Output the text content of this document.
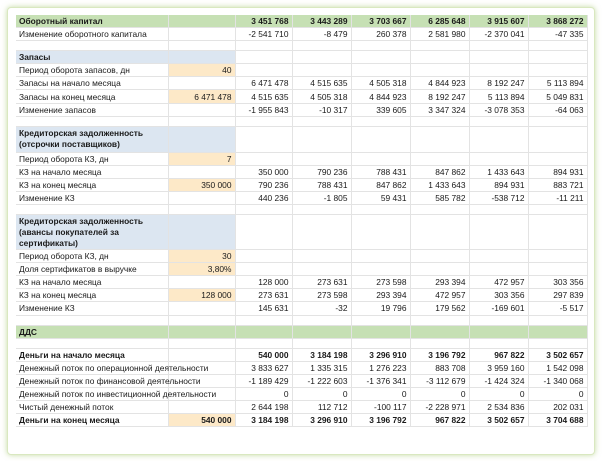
Оборотный капитал		3 451 768	3 443 289	3 703 667	6 285 648	3 915 607	3 868 272
Изменение оборотного капитала		-2 541 710	-8 479	260 378	2 581 980	-2 370 041	-47 335

Запасы							
Период оборота запасов, дн	40						
Запасы на начало месяца		6 471 478	4 515 635	4 505 318	4 844 923	8 192 247	5 113 894
Запасы на конец месяца	6 471 478	4 515 635	4 505 318	4 844 923	8 192 247	5 113 894	5 049 831
Изменение запасов		-1 955 843	-10 317	339 605	3 347 324	-3 078 353	-64 063

Кредиторская задолженность (отсрочки поставщиков)							
Период оборота КЗ, дн	7						
КЗ на начало месяца		350 000	790 236	788 431	847 862	1 433 643	894 931
КЗ на конец месяца	350 000	790 236	788 431	847 862	1 433 643	894 931	883 721
Изменение КЗ		440 236	-1 805	59 431	585 782	-538 712	-11 211

Кредиторская задолженность (авансы покупателей за сертификаты)							
Период оборота КЗ, дн	30						
Доля сертификатов в выручке	3,80%						
КЗ на начало месяца		128 000	273 631	273 598	293 394	472 957	303 356
КЗ на конец месяца	128 000	273 631	273 598	293 394	472 957	303 356	297 839
Изменение КЗ		145 631	-32	19 796	179 562	-169 601	-5 517

ДДС							

Деньги на начало месяца		540 000	3 184 198	3 296 910	3 196 792	967 822	3 502 657
Денежный поток по операционной деятельности		3 833 627	1 335 315	1 276 223	883 708	3 959 160	1 542 098
Денежный поток по финансовой деятельности		-1 189 429	-1 222 603	-1 376 341	-3 112 679	-1 424 324	-1 340 068
Денежный поток по инвестиционной деятельности		0	0	0	0	0	0
Чистый денежный поток		2 644 198	112 712	-100 117	-2 228 971	2 534 836	202 031
Деньги на конец месяца	540 000	3 184 198	3 296 910	3 196 792	967 822	3 502 657	3 704 688
